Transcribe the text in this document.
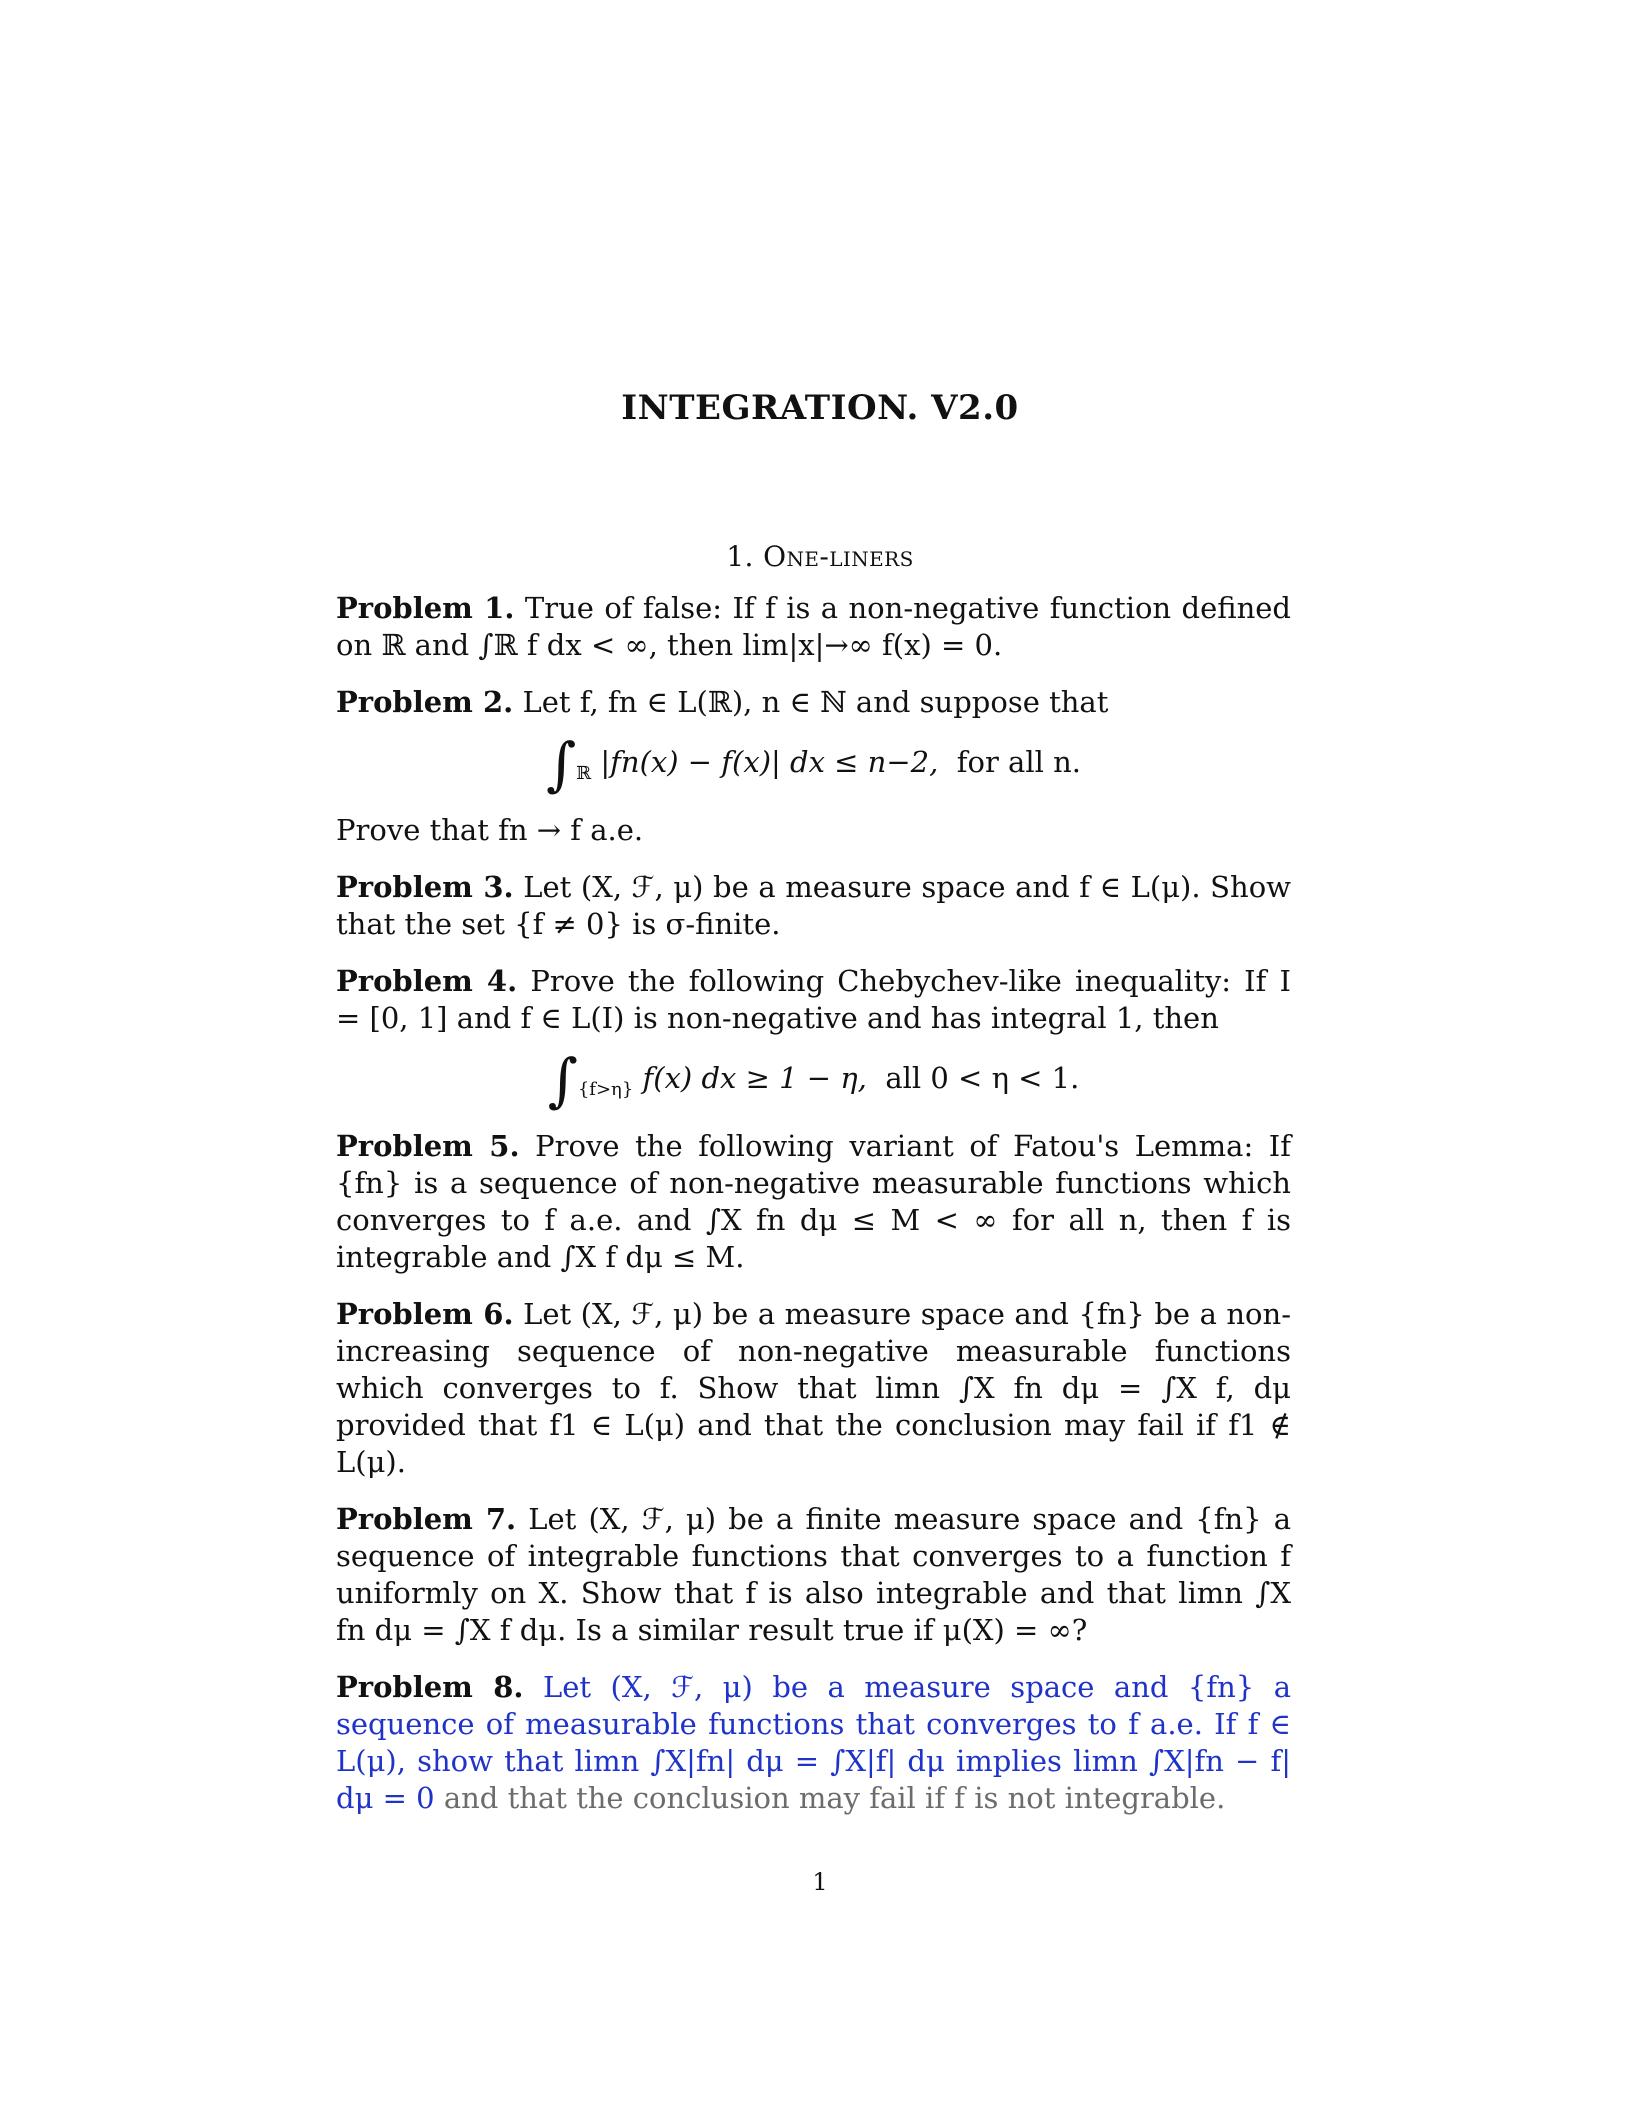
INTEGRATION. V2.0
1. One-liners

Problem 1. True of false: If f is a non-negative function defined on ℝ and ∫ℝ f dx < ∞, then lim|x|→∞ f(x) = 0.

Problem 2. Let f, fn ∈ L(ℝ), n ∈ ℕ and suppose that

$\int_ℝ$ |fn(x) − f(x)| dx ≤ n−2, for all n.

Prove that fn → f a.e.

Problem 3. Let (X, ℱ, μ) be a measure space and f ∈ L(μ). Show that the set {f ≠ 0} is σ-finite.

Problem 4. Prove the following Chebychev-like inequality: If I = [0, 1] and f ∈ L(I) is non-negative and has integral 1, then

$\int_{\{f>\eta\}}$ f(x) dx ≥ 1 − η, all 0 < η < 1.

Problem 5. Prove the following variant of Fatou's Lemma: If {fn} is a sequence of non-negative measurable functions which converges to f a.e. and ∫X fn dμ ≤ M < ∞ for all n, then f is integrable and ∫X f dμ ≤ M.

Problem 6. Let (X, ℱ, μ) be a measure space and {fn} be a non-increasing sequence of non-negative measurable functions which converges to f. Show that limn ∫X fn dμ = ∫X f, dμ provided that f1 ∈ L(μ) and that the conclusion may fail if f1 ∉ L(μ).

Problem 7. Let (X, ℱ, μ) be a finite measure space and {fn} a sequence of integrable functions that converges to a function f uniformly on X. Show that f is also integrable and that limn ∫X fn dμ = ∫X f dμ. Is a similar result true if μ(X) = ∞?

Problem 8. Let (X, ℱ, μ) be a measure space and {fn} a sequence of measurable functions that converges to f a.e. If f ∈ L(μ), show that limn ∫X|fn| dμ = ∫X|f| dμ implies limn ∫X|fn − f| dμ = 0 and that the conclusion may fail if f is not integrable.

1
